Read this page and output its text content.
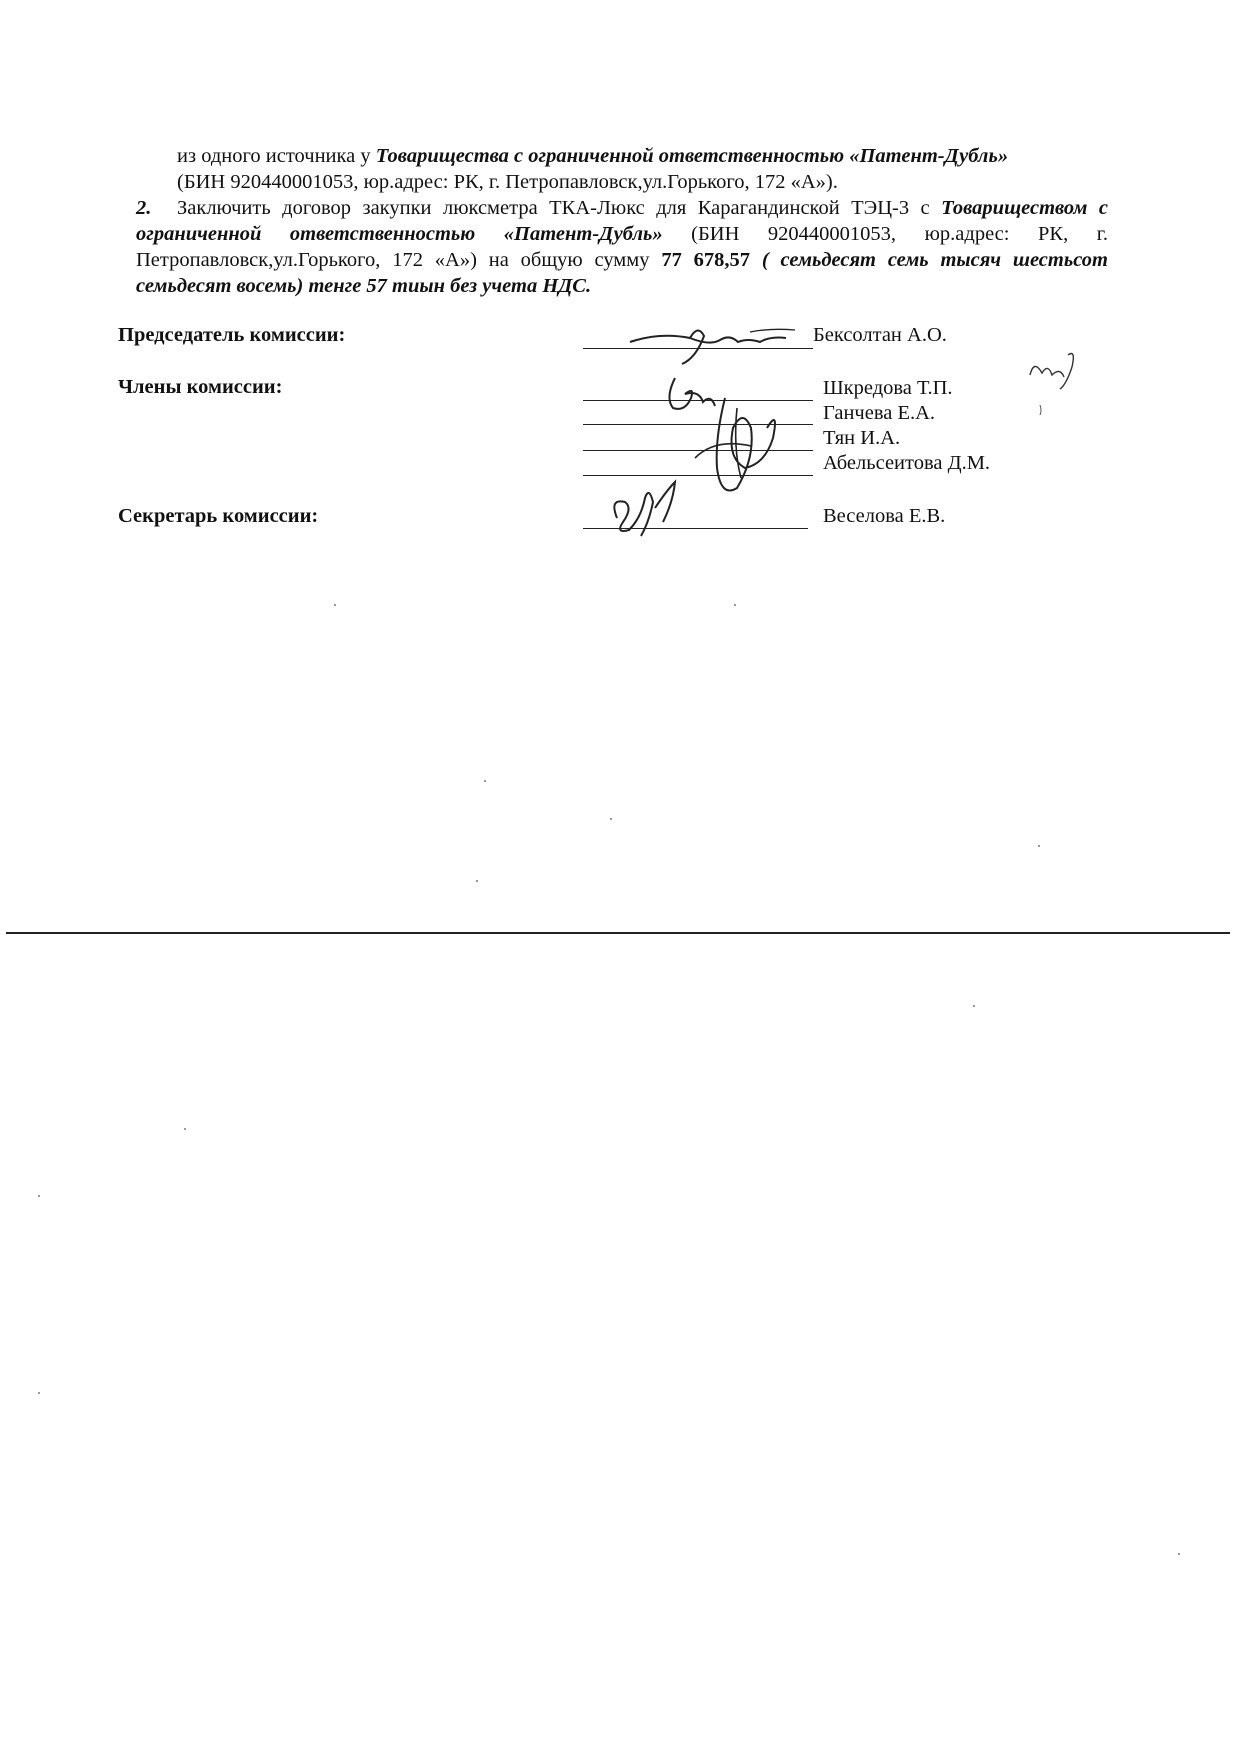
из одного источника у Товарищества с ограниченной ответственностью «Патент-Дубль»
(БИН 920440001053, юр.адрес: РК, г. Петропавловск,ул.Горького, 172 «А»).

2. Заключить договор закупки люксметра ТКА-Люкс для Карагандинской ТЭЦ-3 с Товариществом с ограниченной ответственностью «Патент-Дубль» (БИН 920440001053, юр.адрес: РК, г. Петропавловск,ул.Горького, 172 «А») на общую сумму 77 678,57 ( семьдесят семь тысяч шестьсот семьдесят восемь) тенге 57 тиын без учета НДС.

Председатель комиссии:	Бексолтан А.О.
Члены комиссии:	Шкредова Т.П.
Ганчева Е.А.
Тян И.А.
Абельсеитова Д.М.
Секретарь комиссии:	Веселова Е.В.
